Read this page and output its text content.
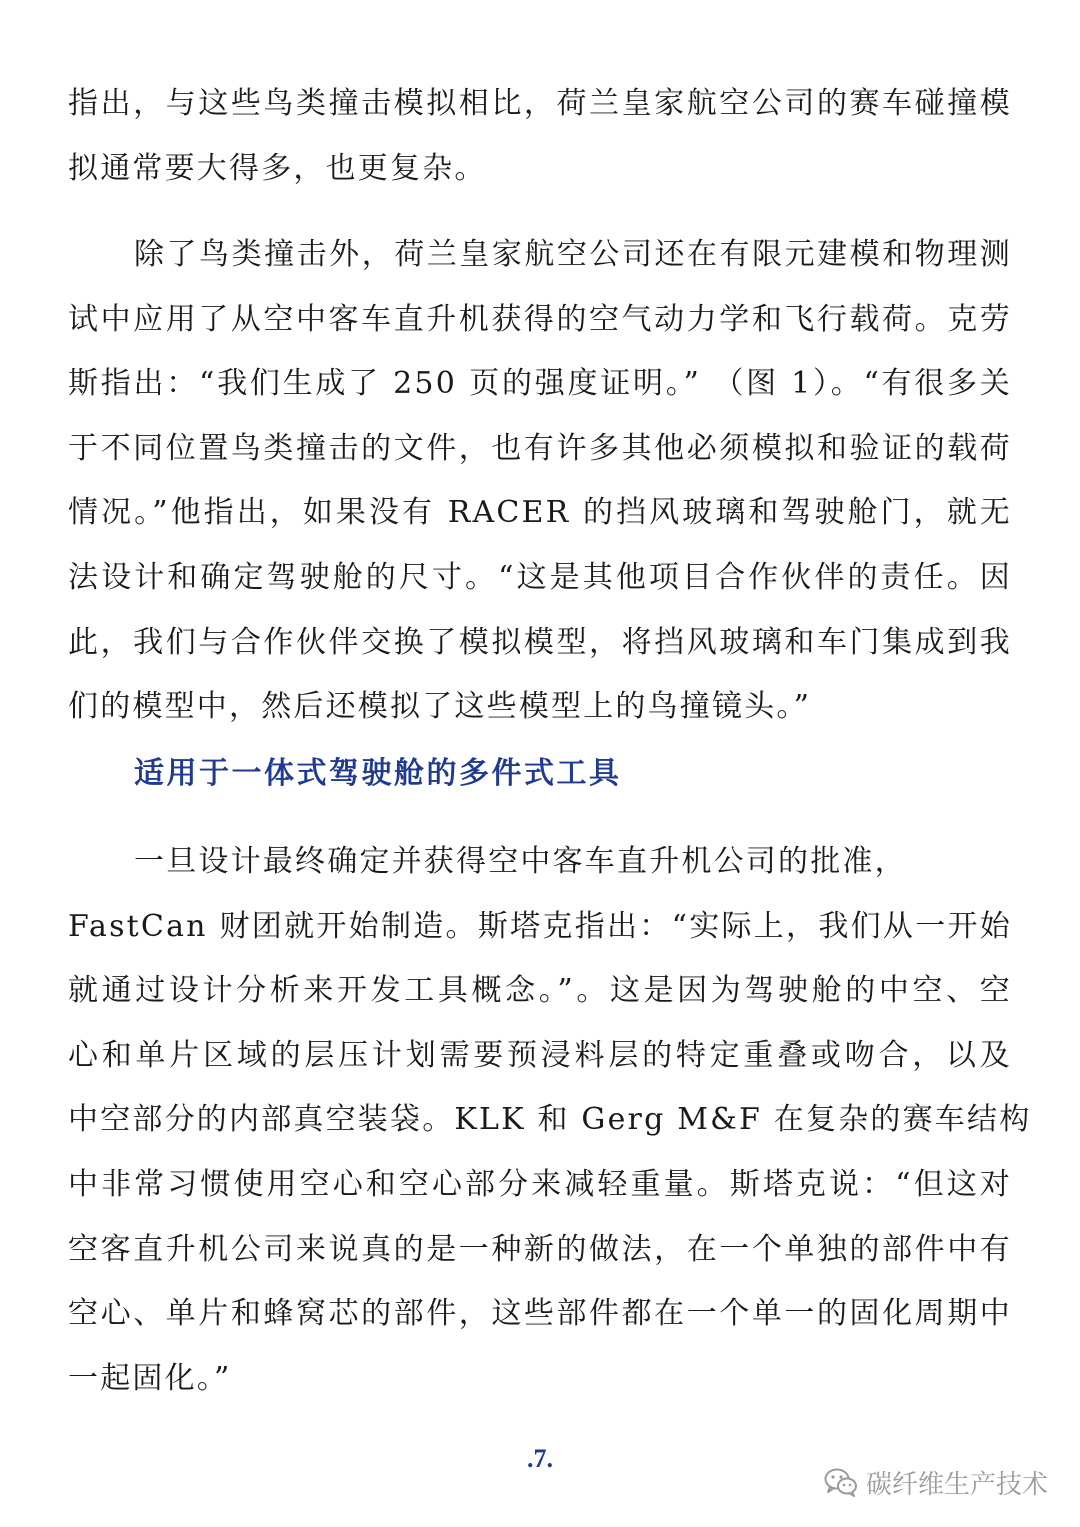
指出，与这些鸟类撞击模拟相比，荷兰皇家航空公司的赛车碰撞模
拟通常要大得多，也更复杂。
除了鸟类撞击外，荷兰皇家航空公司还在有限元建模和物理测
试中应用了从空中客车直升机获得的空气动力学和飞行载荷。克劳
斯指出：“我们生成了 250 页的强度证明。” （图 1）。“有很多关
于不同位置鸟类撞击的文件，也有许多其他必须模拟和验证的载荷
情况。”他指出，如果没有 RACER 的挡风玻璃和驾驶舱门，就无
法设计和确定驾驶舱的尺寸。“这是其他项目合作伙伴的责任。因
此，我们与合作伙伴交换了模拟模型，将挡风玻璃和车门集成到我
们的模型中，然后还模拟了这些模型上的鸟撞镜头。”
适用于一体式驾驶舱的多件式工具
一旦设计最终确定并获得空中客车直升机公司的批准，
FastCan 财团就开始制造。斯塔克指出：“实际上，我们从一开始
就通过设计分析来开发工具概念。”。这是因为驾驶舱的中空、空
心和单片区域的层压计划需要预浸料层的特定重叠或吻合，以及
中空部分的内部真空装袋。KLK 和 Gerg M&F 在复杂的赛车结构
中非常习惯使用空心和空心部分来减轻重量。斯塔克说：“但这对
空客直升机公司来说真的是一种新的做法，在一个单独的部件中有
空心、单片和蜂窝芯的部件，这些部件都在一个单一的固化周期中
一起固化。”
.7.
碳纤维生产技术
